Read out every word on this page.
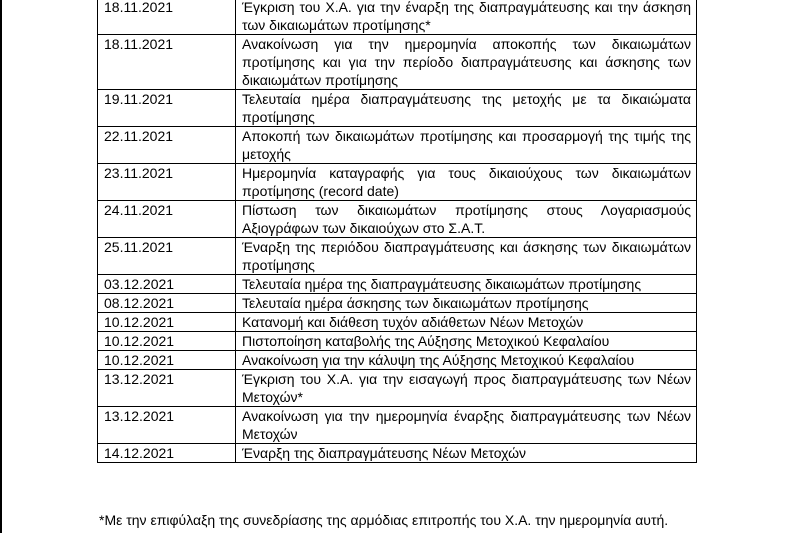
18.11.2021	Έγκριση του Χ.Α. για την έναρξη της διαπραγμάτευσης και την άσκηση των δικαιωμάτων προτίμησης*
18.11.2021	Ανακοίνωση για την ημερομηνία αποκοπής των δικαιωμάτων προτίμησης και για την περίοδο διαπραγμάτευσης και άσκησης των δικαιωμάτων προτίμησης
19.11.2021	Τελευταία ημέρα διαπραγμάτευσης της μετοχής με τα δικαιώματα προτίμησης
22.11.2021	Αποκοπή των δικαιωμάτων προτίμησης και προσαρμογή της τιμής της μετοχής
23.11.2021	Ημερομηνία καταγραφής για τους δικαιούχους των δικαιωμάτων προτίμησης (record date)
24.11.2021	Πίστωση των δικαιωμάτων προτίμησης στους Λογαριασμούς Αξιογράφων των δικαιούχων στο Σ.Α.Τ.
25.11.2021	Έναρξη της περιόδου διαπραγμάτευσης και άσκησης των δικαιωμάτων προτίμησης
03.12.2021	Τελευταία ημέρα της διαπραγμάτευσης δικαιωμάτων προτίμησης
08.12.2021	Τελευταία ημέρα άσκησης των δικαιωμάτων προτίμησης
10.12.2021	Κατανομή και διάθεση τυχόν αδιάθετων Νέων Μετοχών
10.12.2021	Πιστοποίηση καταβολής της Αύξησης Μετοχικού Κεφαλαίου
10.12.2021	Ανακοίνωση για την κάλυψη της Αύξησης Μετοχικού Κεφαλαίου
13.12.2021	Έγκριση του Χ.Α. για την εισαγωγή προς διαπραγμάτευσης των Νέων Μετοχών*
13.12.2021	Ανακοίνωση για την ημερομηνία έναρξης διαπραγμάτευσης των Νέων Μετοχών
14.12.2021	Έναρξη της διαπραγμάτευσης Νέων Μετοχών
*Με την επιφύλαξη της συνεδρίασης της αρμόδιας επιτροπής του Χ.Α. την ημερομηνία αυτή.
